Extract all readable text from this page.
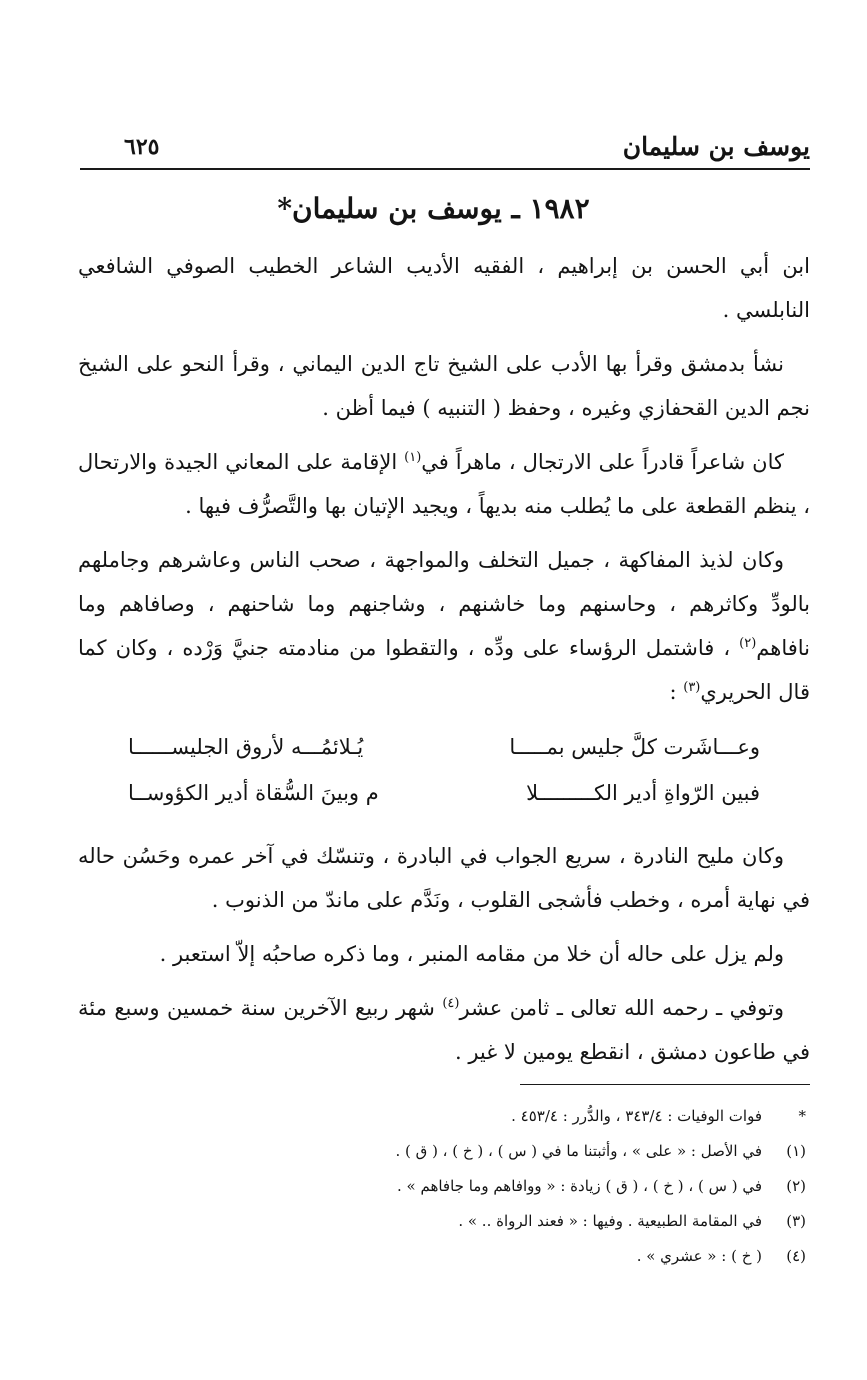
يوسف بن سليمان
٦٢٥
١٩٨٢ ـ يوسف بن سليمان*

ابن أبي الحسن بن إبراهيم ، الفقيه الأديب الشاعر الخطيب الصوفي الشافعي النابلسي .

نشأ بدمشق وقرأ بها الأدب على الشيخ تاج الدين اليماني ، وقرأ النحو على الشيخ نجم الدين القحفازي وغيره ، وحفظ ( التنبيه ) فيما أظن .

كان شاعراً قادراً على الارتجال ، ماهراً في$^{(١)}$ الإقامة على المعاني الجيدة والارتحال ، ينظم القطعة على ما يُطلب منه بديهاً ، ويجيد الإتيان بها والتَّصرُّف فيها .

وكان لذيذ المفاكهة ، جميل التخلف والمواجهة ، صحب الناس وعاشرهم وجاملهم بالودِّ وكاثرهم ، وحاسنهم وما خاشنهم ، وشاجنهم وما شاحنهم ، وصافاهم وما نافاهم$^{(٢)}$ ، فاشتمل الرؤساء على ودِّه ، والتقطوا من منادمته جنيَّ وَرْده ، وكان كما قال الحريري$^{(٣)}$ :

وعـــاشَرت كلَّ جليس بمـــــا
يُـلائمُـــه لأروق الجليســــــا
فبين الرّواةِ أدير الكـــــــــلا
م وبينَ السُّقاة أدير الكؤوســا

وكان مليح النادرة ، سريع الجواب في البادرة ، وتنسّك في آخر عمره وحَسُن حاله في نهاية أمره ، وخطب فأشجى القلوب ، ونَدَّم على ماندّ من الذنوب .

ولم يزل على حاله أن خلا من مقامه المنبر ، وما ذكره صاحبُه إلاّ استعبر .

وتوفي ـ رحمه الله تعالى ـ ثامن عشر$^{(٤)}$ شهر ربيع الآخرين سنة خمسين وسبع مئة في طاعون دمشق ، انقطع يومين لا غير .

*
فوات الوفيات : ٣٤٣/٤ ، والدُّرر : ٤٥٣/٤ .
(١)
في الأصل : « على » ، وأثبتنا ما في ( س ) ، ( خ ) ، ( ق ) .
(٢)
في ( س ) ، ( خ ) ، ( ق ) زيادة : « ووافاهم وما جافاهم » .
(٣)
في المقامة الطبيعية . وفيها : « فعند الرواة .. » .
(٤)
( خ ) : « عشري » .
